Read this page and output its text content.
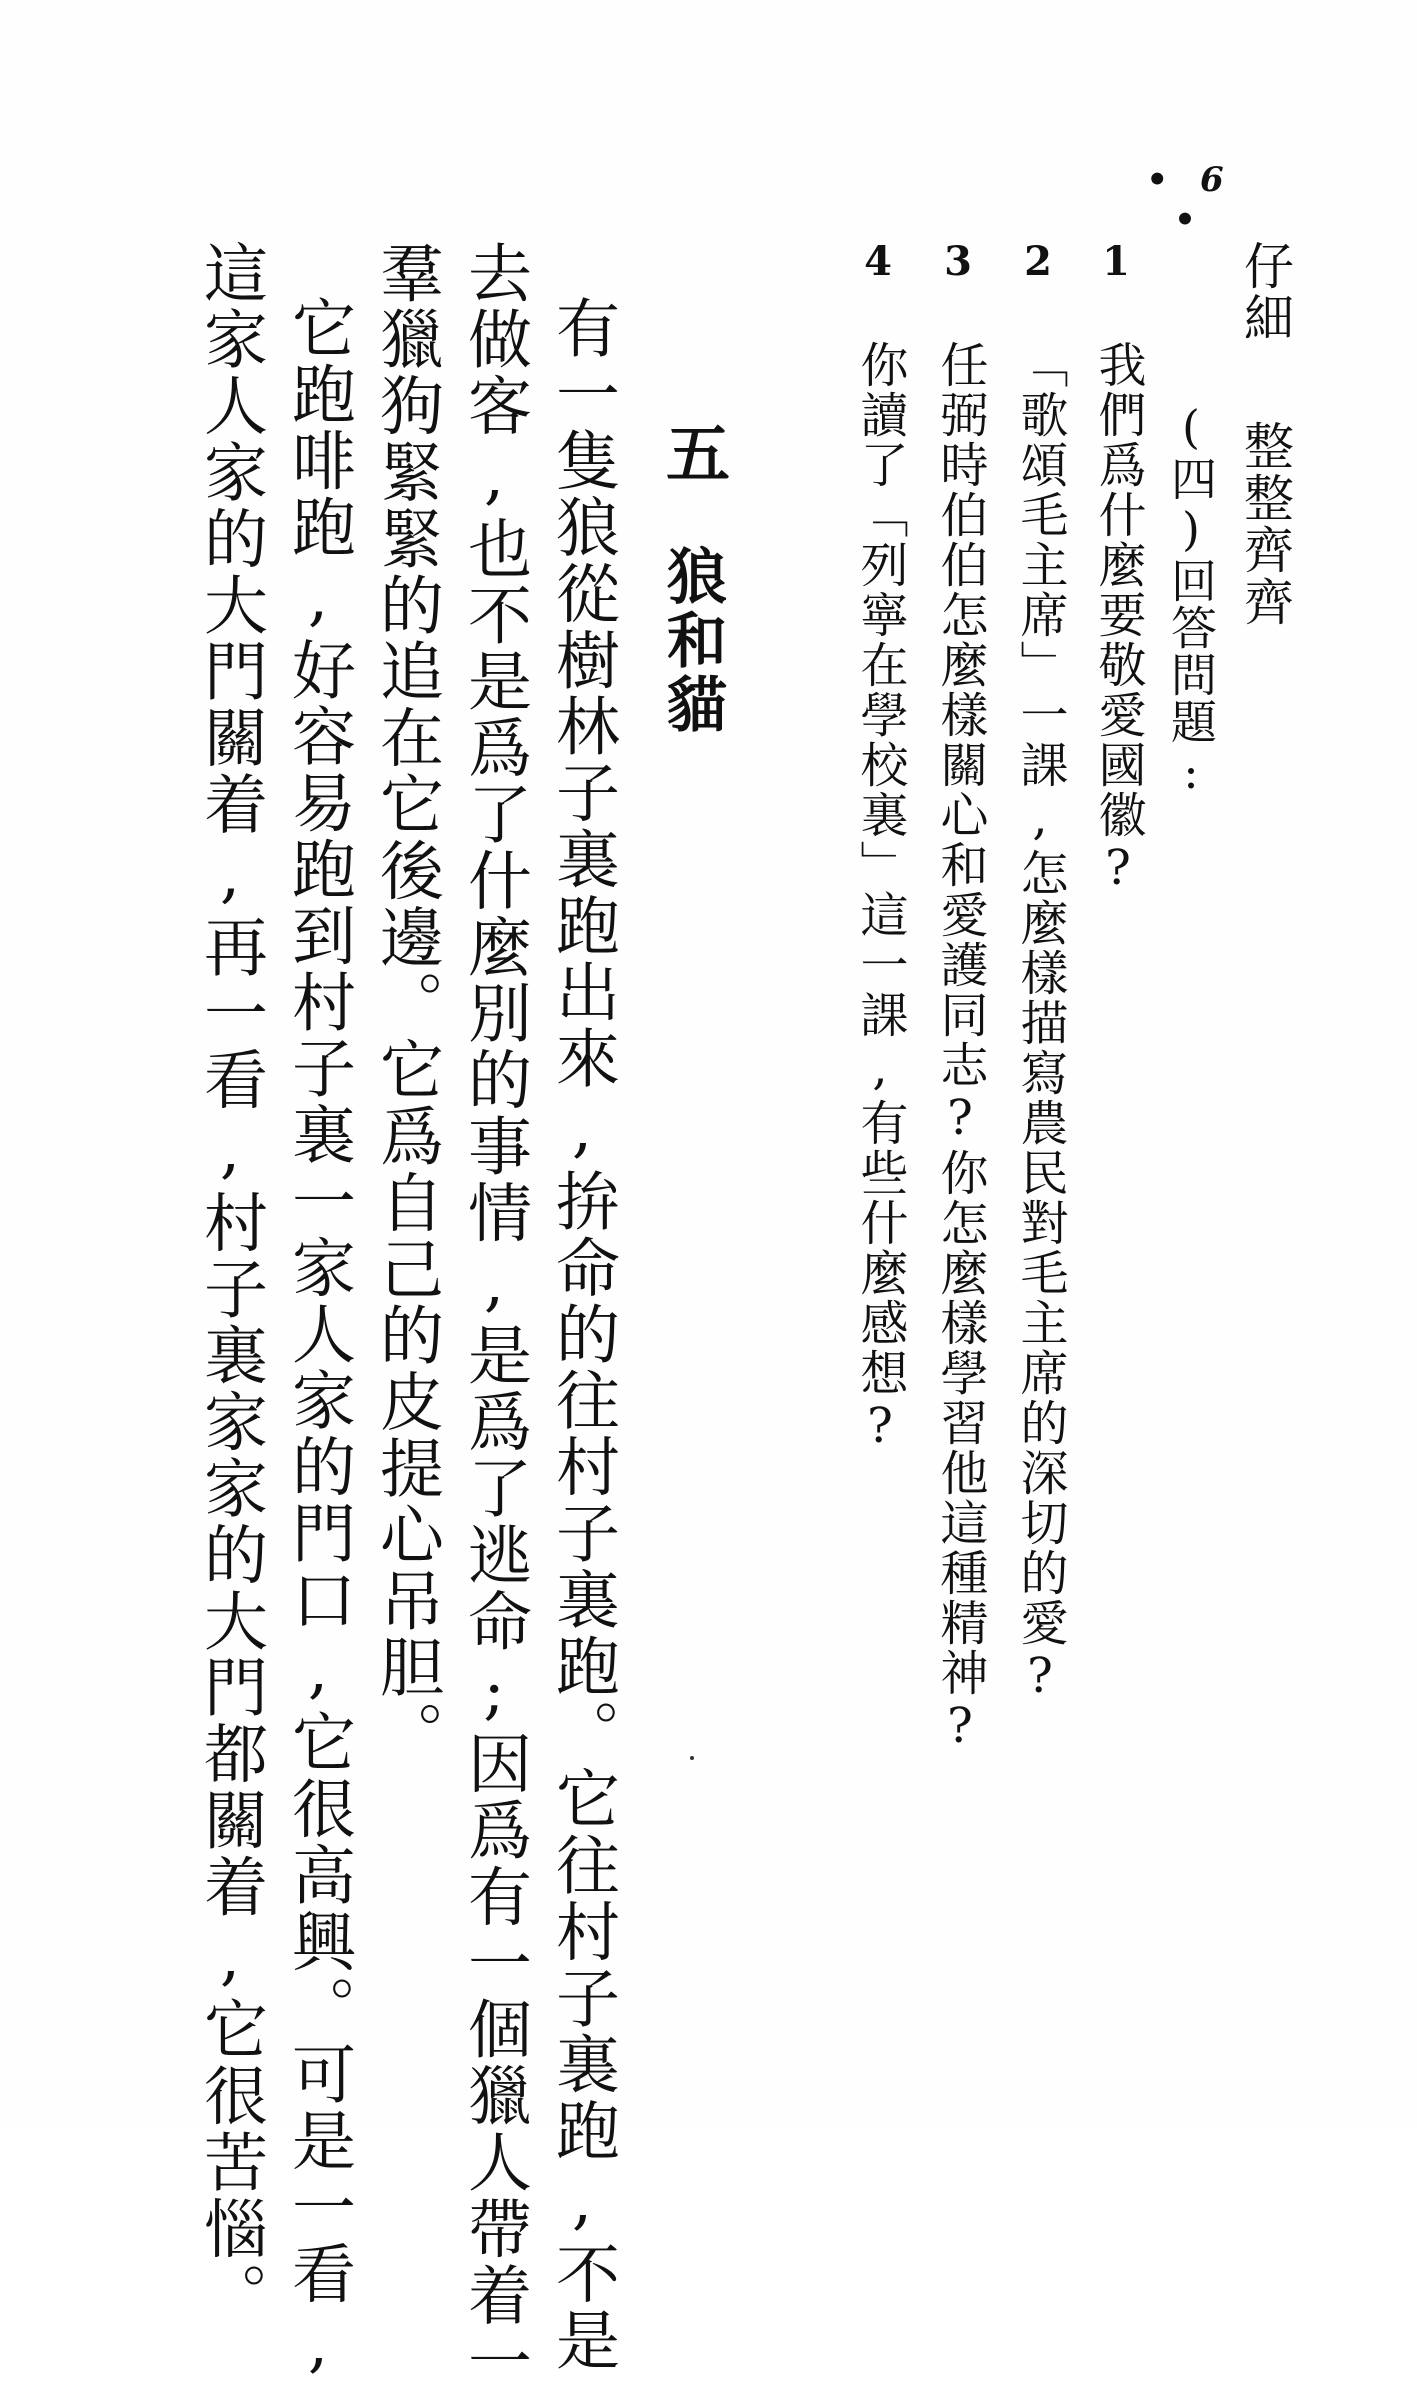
• 6 •
仔細
整整齊齊
(四)回答問題:
1
我們爲什麼要敬愛國徽?
2
「歌頌毛主席」一課,怎麼樣描寫農民對毛主席的深切的愛?
3
任弼時伯伯怎麼樣關心和愛護同志?你怎麼樣學習他這種精神?
4
你讀了「列寧在學校裏」這一課,有些什麼感想?
五
狼和貓
有一隻狼從樹林子裏跑出來,拚命的往村子裏跑。它往村子裏跑,不是
去做客,也不是爲了什麼別的事情,是爲了逃命;因爲有一個獵人帶着一
羣獵狗緊緊的追在它後邊。它爲自己的皮提心吊胆。
它跑啡跑,好容易跑到村子裏一家人家的門口,它很高興。可是一看,
這家人家的大門關着,再一看,村子裏家家的大門都關着,它很苦惱。
